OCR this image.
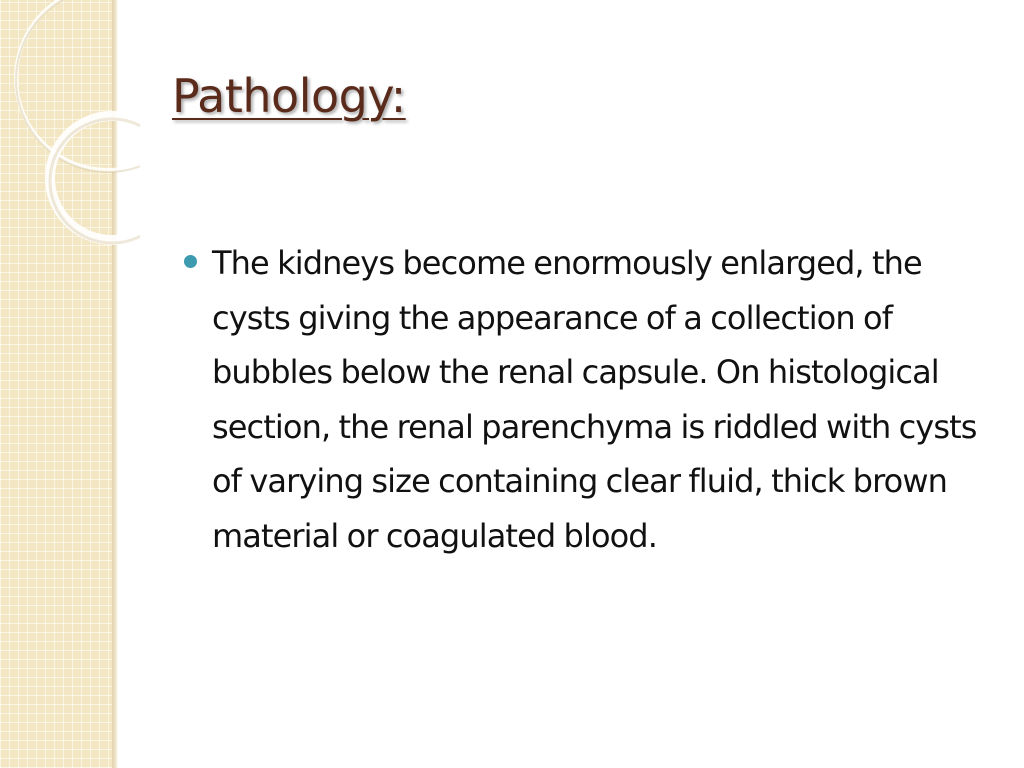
Pathology:
The kidneys become enormously enlarged, the cysts giving the appearance of a collection of bubbles below the renal capsule. On histological section, the renal parenchyma is riddled with cysts of varying size containing clear fluid, thick brown material or coagulated blood.
